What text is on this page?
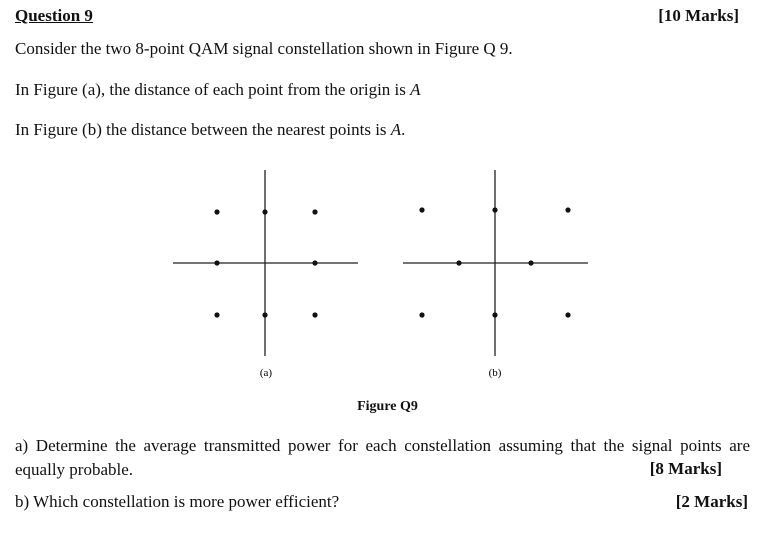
Question 9	[10 Marks]
Consider the two 8-point QAM signal constellation shown in Figure Q 9.
In Figure (a), the distance of each point from the origin is A
In Figure (b) the distance between the nearest points is A.
(a)	(b)
Figure Q9
a) Determine the average transmitted power for each constellation assuming that the signal points are equally probable.	[8 Marks]
b) Which constellation is more power efficient?	[2 Marks]
